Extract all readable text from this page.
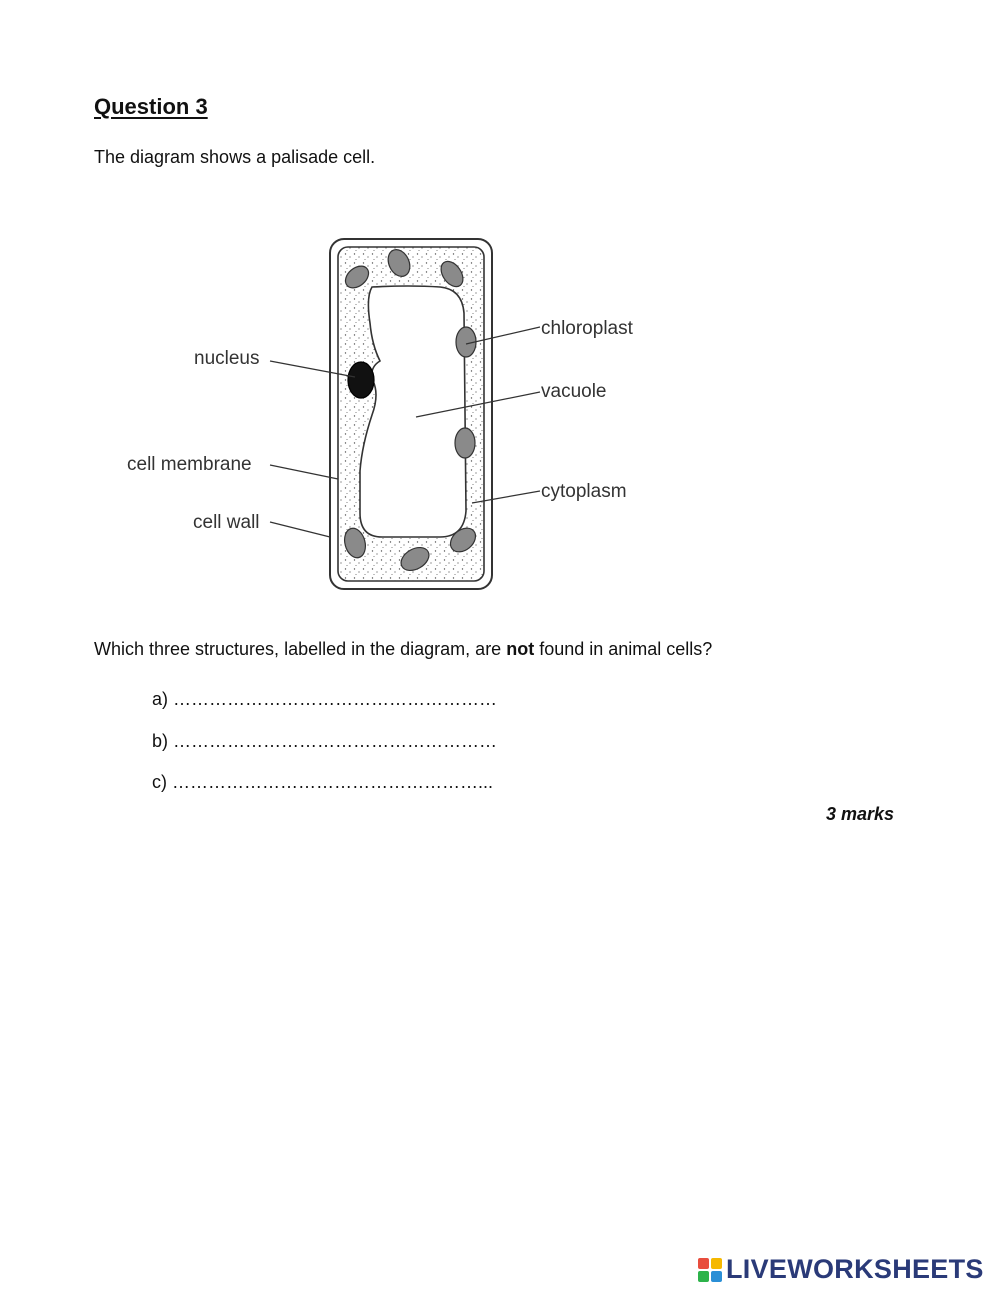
Question 3

The diagram shows a palisade cell.

nucleus
cell membrane
cell wall
chloroplast
vacuole
cytoplasm

Which three structures, labelled in the diagram, are not found in animal cells?

a) ………………………………………………

b) ………………………………………………

c) ……………………………………………...

3 marks

LIVEWORKSHEETS
